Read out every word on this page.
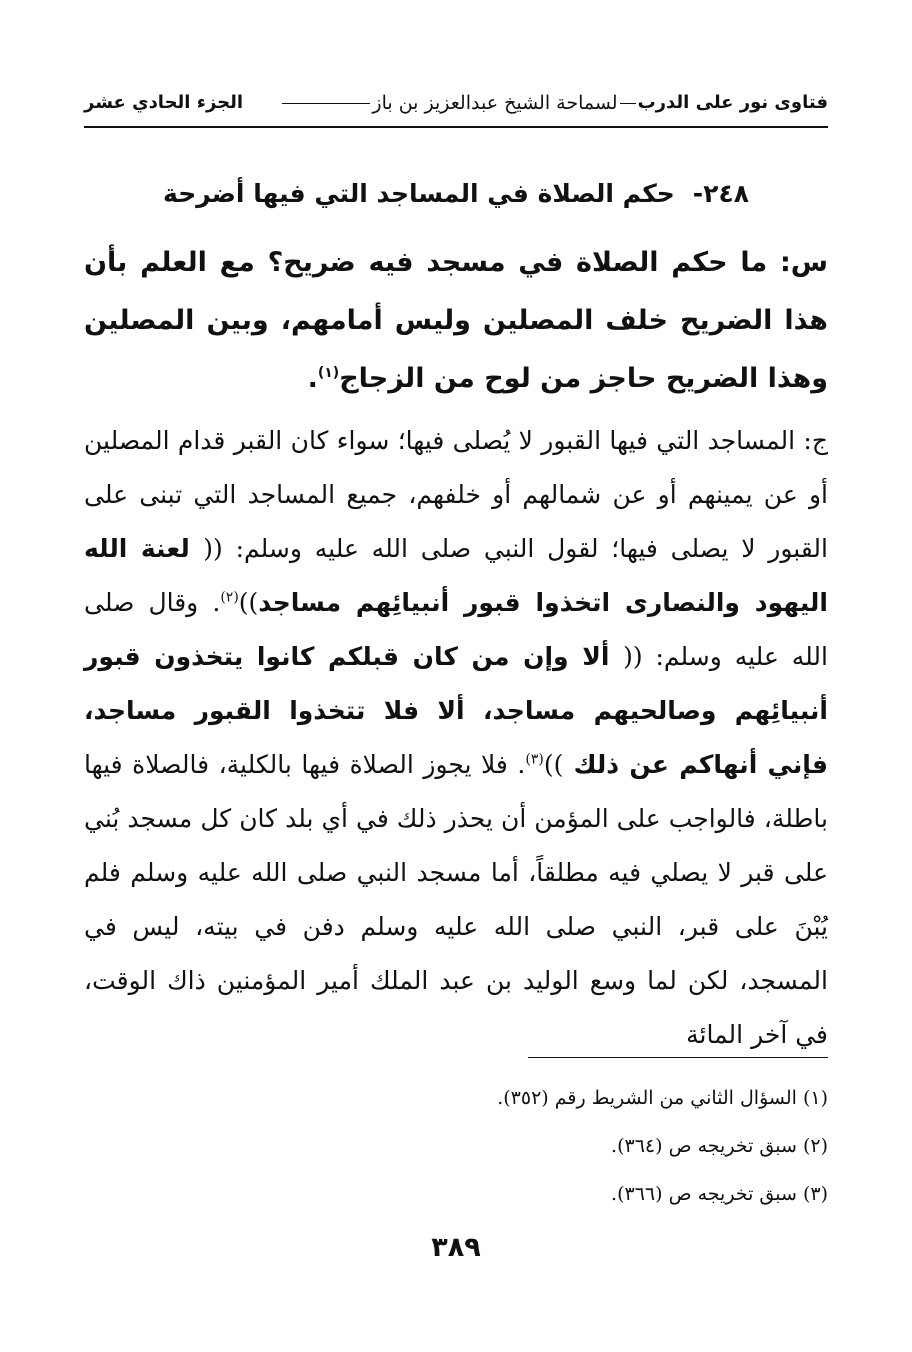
فتاوى نور على الدرب
لسماحة الشيخ عبدالعزيز بن باز
الجزء الحادي عشر
٢٤٨-حكم الصلاة في المساجد التي فيها أضرحة

س: ما حكم الصلاة في مسجد فيه ضريح؟ مع العلم بأن هذا الضريح خلف المصلين وليس أمامهم، وبين المصلين وهذا الضريح حاجز من لوح من الزجاج$^{(١)}$.

ج: المساجد التي فيها القبور لا يُصلى فيها؛ سواء كان القبر قدام المصلين أو عن يمينهم أو عن شمالهم أو خلفهم، جميع المساجد التي تبنى على القبور لا يصلى فيها؛ لقول النبي صلى الله عليه وسلم: (( لعنة الله اليهود والنصارى اتخذوا قبور أنبيائِهم مساجد))$^{(٢)}$. وقال صلى الله عليه وسلم: (( ألا وإن من كان قبلكم كانوا يتخذون قبور أنبيائِهم وصالحيهم مساجد، ألا فلا تتخذوا القبور مساجد، فإني أنهاكم عن ذلك ))$^{(٣)}$. فلا يجوز الصلاة فيها بالكلية، فالصلاة فيها باطلة، فالواجب على المؤمن أن يحذر ذلك في أي بلد كان كل مسجد بُني على قبر لا يصلي فيه مطلقاً، أما مسجد النبي صلى الله عليه وسلم فلم يُبْنَ على قبر، النبي صلى الله عليه وسلم دفن في بيته، ليس في المسجد، لكن لما وسع الوليد بن عبد الملك أمير المؤمنين ذاك الوقت، في آخر المائة

(١) السؤال الثاني من الشريط رقم (٣٥٢).

(٢) سبق تخريجه ص (٣٦٤).

(٣) سبق تخريجه ص (٣٦٦).

٣٨٩
